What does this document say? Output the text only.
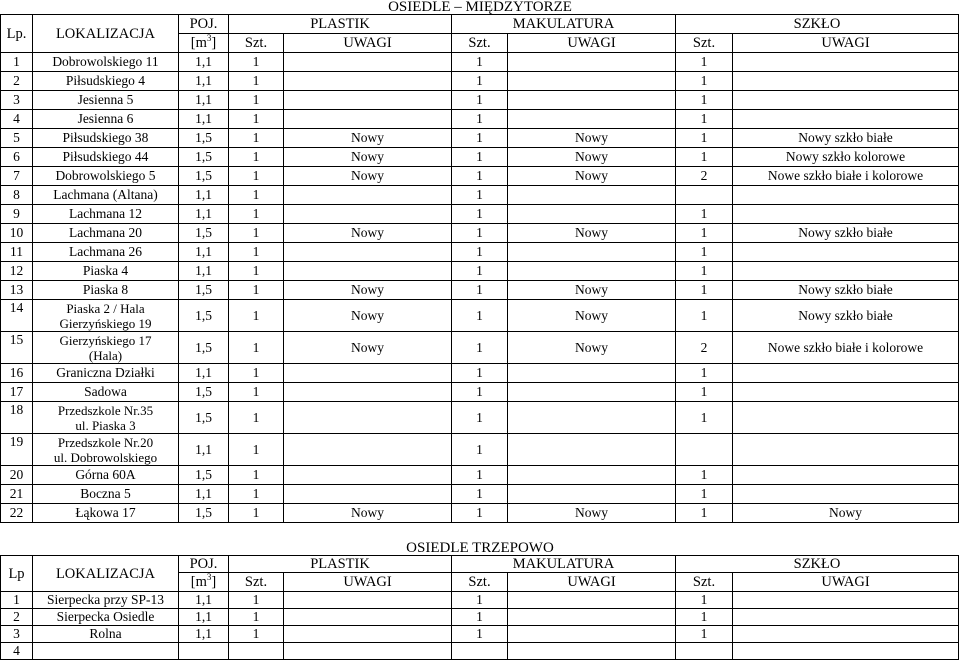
OSIEDLE – MIĘDZYTORZE
Lp.	LOKALIZACJA	POJ.	PLASTIK		MAKULATURA		SZKŁO	
		$[m^3]$	Szt.	UWAGI	Szt.	UWAGI	Szt.	UWAGI
1	Dobrowolskiego 11	1,1	1		1		1	
2	Piłsudskiego 4	1,1	1		1		1	
3	Jesienna 5	1,1	1		1		1	
4	Jesienna 6	1,1	1		1		1	
5	Piłsudskiego 38	1,5	1	Nowy	1	Nowy	1	Nowy szkło białe
6	Piłsudskiego 44	1,5	1	Nowy	1	Nowy	1	Nowy szkło kolorowe
7	Dobrowolskiego 5	1,5	1	Nowy	1	Nowy	2	Nowe szkło białe i kolorowe
8	Lachmana (Altana)	1,1	1		1			
9	Lachmana 12	1,1	1		1		1	
10	Lachmana 20	1,5	1	Nowy	1	Nowy	1	Nowy szkło białe
11	Lachmana 26	1,1	1		1		1	
12	Piaska 4	1,1	1		1		1	
13	Piaska 8	1,5	1	Nowy	1	Nowy	1	Nowy szkło białe
14	Piaska 2 / Hala
Gierzyńskiego 19	1,5	1	Nowy	1	Nowy	1	Nowy szkło białe
15	Gierzyńskiego 17
(Hala)	1,5	1	Nowy	1	Nowy	2	Nowe szkło białe i kolorowe
16	Graniczna Działki	1,1	1		1		1	
17	Sadowa	1,5	1		1		1	
18	Przedszkole Nr.35
ul. Piaska 3	1,5	1		1		1	
19	Przedszkole Nr.20
ul. Dobrowolskiego	1,1	1		1			
20	Górna 60A	1,5	1		1		1	
21	Boczna 5	1,1	1		1		1	
22	Łąkowa 17	1,5	1	Nowy	1	Nowy	1	Nowy
OSIEDLE TRZEPOWO
Lp	LOKALIZACJA	POJ.	PLASTIK		MAKULATURA		SZKŁO	
		$[m^3]$	Szt.	UWAGI	Szt.	UWAGI	Szt.	UWAGI
1	Sierpecka przy SP-13	1,1	1		1		1	
2	Sierpecka Osiedle	1,1	1		1		1	
3	Rolna	1,1	1		1		1	
4								
